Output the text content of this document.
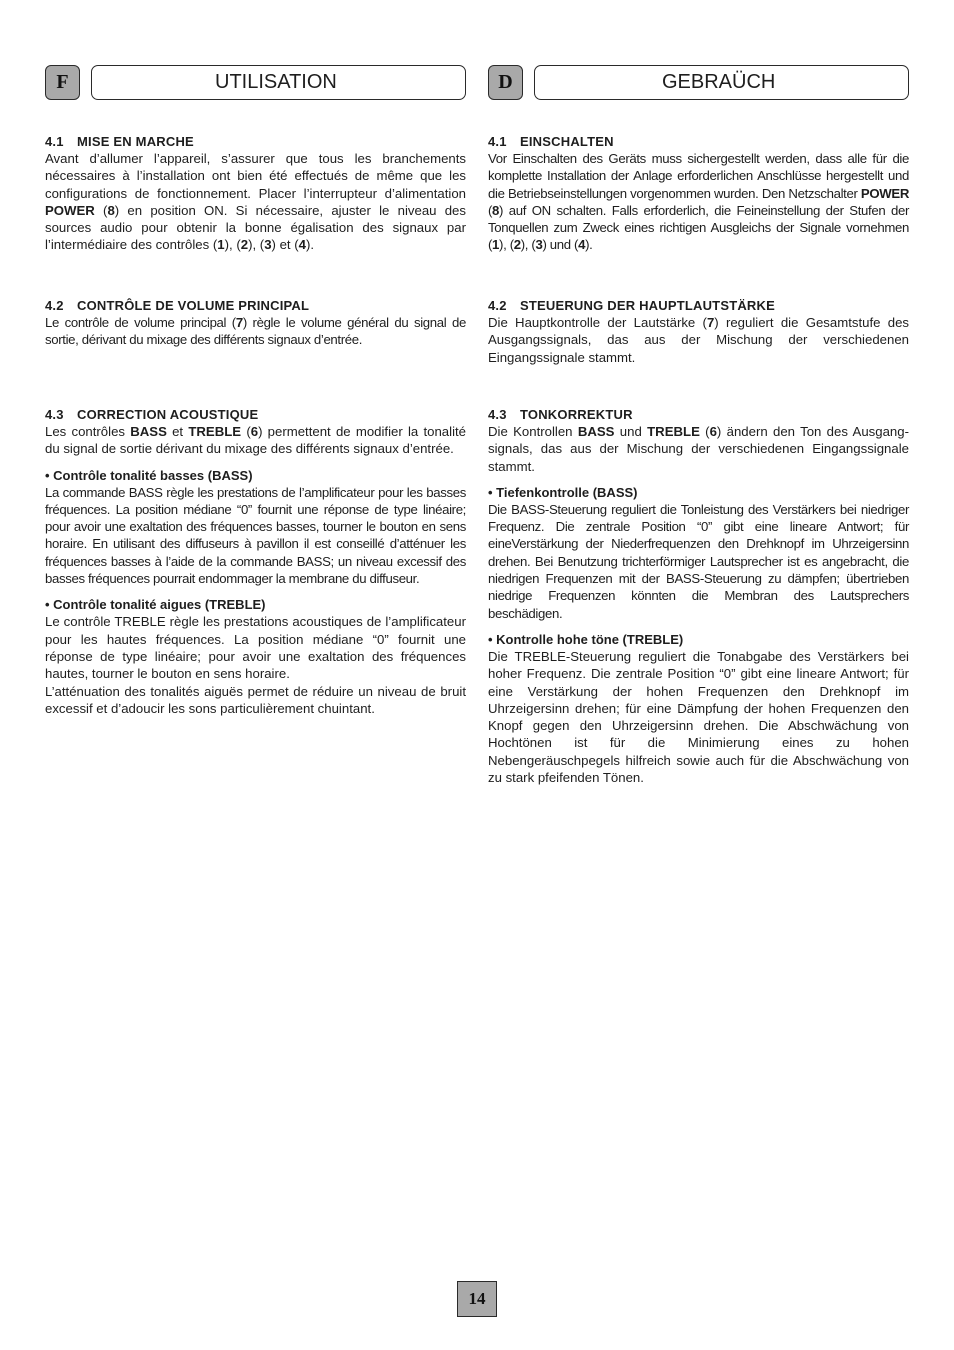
F	UTILISATION
4.1 MISE EN MARCHE

Avant d’allumer l’appareil, s’assurer que tous les branchements nécessaires à l’installation ont bien été effectués de même que les configurations de fonctionnement. Placer l’interrupteur d’alimentation POWER (8) en position ON. Si nécessaire, ajuster le niveau des sources audio pour obtenir la bonne égalisation des signaux par l’intermédiaire des contrôles (1), (2), (3) et (4).

4.2 CONTRÔLE DE VOLUME PRINCIPAL

Le contrôle de volume principal (7) règle le volume général du signal de sortie, dérivant du mixage des différents signaux d’entrée.

4.3 CORRECTION ACOUSTIQUE

Les contrôles BASS et TREBLE (6) permettent de modifier la tonalité du signal de sortie dérivant du mixage des différents signaux d’entrée.

• Contrôle tonalité basses (BASS)

La commande BASS règle les prestations de l’amplificateur pour les basses fréquences. La position médiane “0” fournit une réponse de type linéaire; pour avoir une exaltation des fréquences basses, tourner le bouton en sens horaire. En utilisant des diffuseurs à pavillon il est conseillé d’atténuer les fréquences basses à l’aide de la commande BASS; un niveau excessif des basses fréquences pourrait endommager la membrane du diffuseur.

• Contrôle tonalité aigues (TREBLE)

Le contrôle TREBLE règle les prestations acoustiques de l’amplificateur pour les hautes fréquences. La position médiane “0” fournit une réponse de type linéaire; pour avoir une exaltation des fréquences hautes, tourner le bouton en sens horaire.
L’atténuation des tonalités aiguës permet de réduire un niveau de bruit excessif et d’adoucir les sons particulièrement chuintant.

D	GEBRAÜCH
4.1 EINSCHALTEN

Vor Einschalten des Geräts muss sichergestellt werden, dass alle für die komplette Installation der Anlage erforderlichen Anschlüsse hergestellt und die Betriebseinstellungen vorgenommen wurden. Den Netzschalter POWER (8) auf ON schalten. Falls erforderlich, die Feineinstellung der Stufen der Tonquellen zum Zweck eines richtigen Ausgleichs der Signale vornehmen (1), (2), (3) und (4).

4.2 STEUERUNG DER HAUPTLAUTSTÄRKE

Die Hauptkontrolle der Lautstärke (7) reguliert die Gesamtstufe des Ausgangssignals, das aus der Mischung der verschiedenen Eingangssignale stammt.

4.3 TONKORREKTUR

Die Kontrollen BASS und TREBLE (6) ändern den Ton des Ausgang-signals, das aus der Mischung der verschiedenen Eingangssignale stammt.

• Tiefenkontrolle (BASS)

Die BASS-Steuerung reguliert die Tonleistung des Verstärkers bei niedriger Frequenz. Die zentrale Position “0” gibt eine lineare Antwort; für eineVerstärkung der Niederfrequenzen den Drehknopf im Uhrzeigersinn drehen. Bei Benutzung trichterförmiger Lautsprecher ist es angebracht, die niedrigen Frequenzen mit der BASS-Steuerung zu dämpfen; übertrieben niedrige Frequenzen könnten die Membran des Lautsprechers beschädigen.

• Kontrolle hohe töne (TREBLE)

Die TREBLE-Steuerung reguliert die Tonabgabe des Verstärkers bei hoher Frequenz. Die zentrale Position “0” gibt eine lineare Antwort; für eine Verstärkung der hohen Frequenzen den Drehknopf im Uhrzeigersinn drehen; für eine Dämpfung der hohen Frequenzen den Knopf gegen den Uhrzeigersinn drehen. Die Abschwächung von Hochtönen ist für die Minimierung eines zu hohen Nebengeräuschpegels hilfreich sowie auch für die Abschwächung von zu stark pfeifenden Tönen.

14
